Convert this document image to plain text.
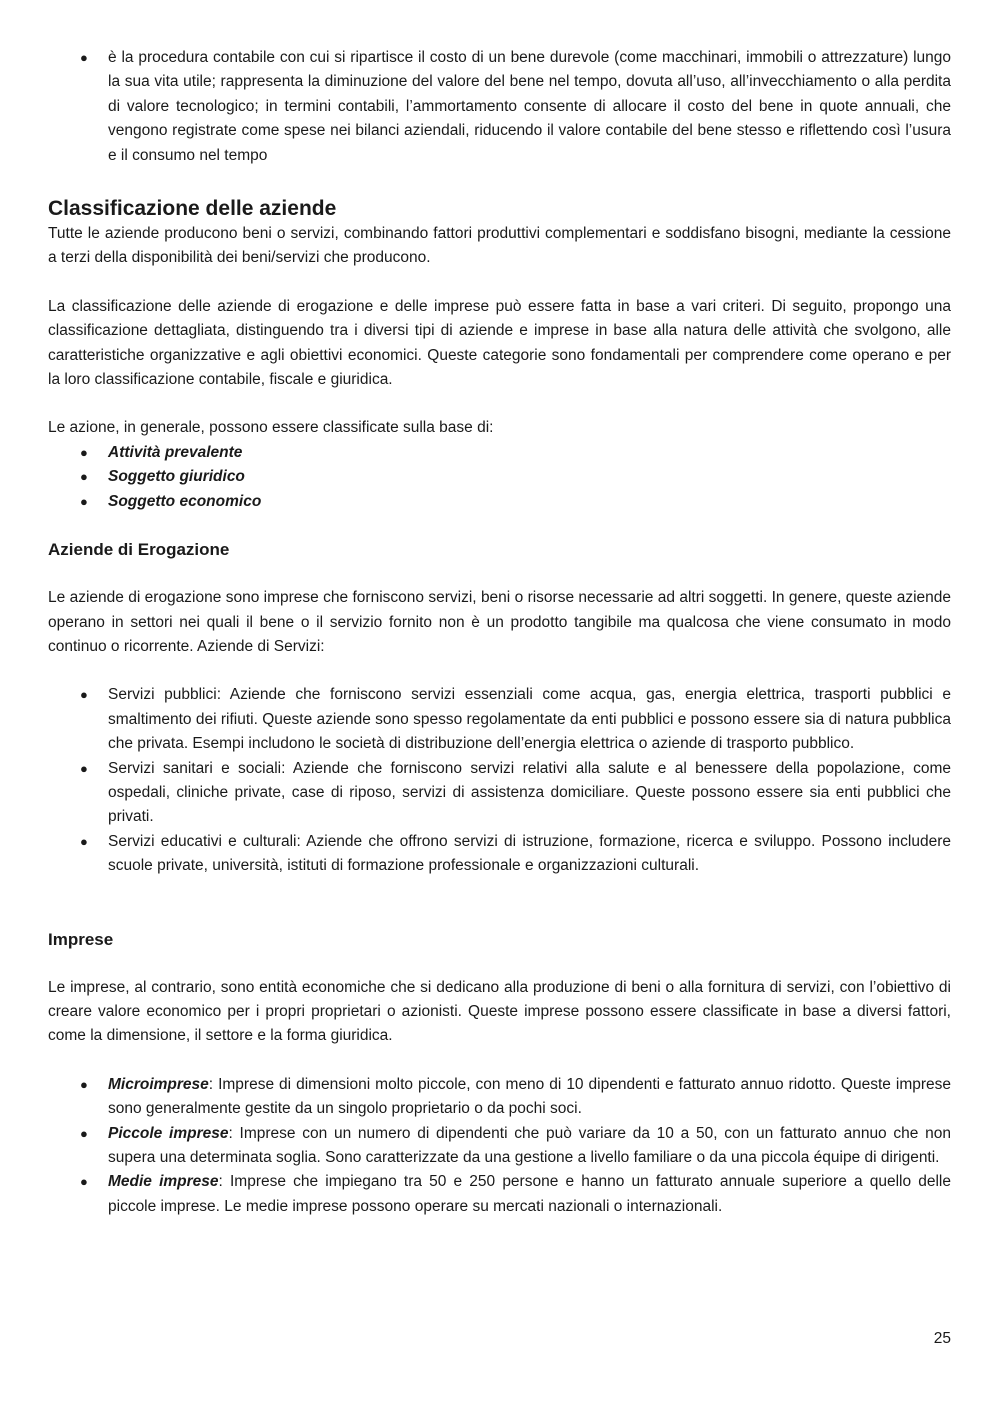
● è la procedura contabile con cui si ripartisce il costo di un bene durevole (come macchinari, immobili o attrezzature) lungo la sua vita utile; rappresenta la diminuzione del valore del bene nel tempo, dovuta all’uso, all’invecchiamento o alla perdita di valore tecnologico; in termini contabili, l’ammortamento consente di allocare il costo del bene in quote annuali, che vengono registrate come spese nei bilanci aziendali, riducendo il valore contabile del bene stesso e riflettendo così l’usura e il consumo nel tempo
Classificazione delle aziende

Tutte le aziende producono beni o servizi, combinando fattori produttivi complementari e soddisfano bisogni, mediante la cessione a terzi della disponibilità dei beni/servizi che producono.

La classificazione delle aziende di erogazione e delle imprese può essere fatta in base a vari criteri. Di seguito, propongo una classificazione dettagliata, distinguendo tra i diversi tipi di aziende e imprese in base alla natura delle attività che svolgono, alle caratteristiche organizzative e agli obiettivi economici. Queste categorie sono fondamentali per comprendere come operano e per la loro classificazione contabile, fiscale e giuridica.

Le azione, in generale, possono essere classificate sulla base di:

● Attività prevalente
● Soggetto giuridico
● Soggetto economico
Aziende di Erogazione

Le aziende di erogazione sono imprese che forniscono servizi, beni o risorse necessarie ad altri soggetti. In genere, queste aziende operano in settori nei quali il bene o il servizio fornito non è un prodotto tangibile ma qualcosa che viene consumato in modo continuo o ricorrente. Aziende di Servizi:

● Servizi pubblici: Aziende che forniscono servizi essenziali come acqua, gas, energia elettrica, trasporti pubblici e smaltimento dei rifiuti. Queste aziende sono spesso regolamentate da enti pubblici e possono essere sia di natura pubblica che privata. Esempi includono le società di distribuzione dell’energia elettrica o aziende di trasporto pubblico.
● Servizi sanitari e sociali: Aziende che forniscono servizi relativi alla salute e al benessere della popolazione, come ospedali, cliniche private, case di riposo, servizi di assistenza domiciliare. Queste possono essere sia enti pubblici che privati.
● Servizi educativi e culturali: Aziende che offrono servizi di istruzione, formazione, ricerca e sviluppo. Possono includere scuole private, università, istituti di formazione professionale e organizzazioni culturali.
Imprese

Le imprese, al contrario, sono entità economiche che si dedicano alla produzione di beni o alla fornitura di servizi, con l’obiettivo di creare valore economico per i propri proprietari o azionisti. Queste imprese possono essere classificate in base a diversi fattori, come la dimensione, il settore e la forma giuridica.

● Microimprese: Imprese di dimensioni molto piccole, con meno di 10 dipendenti e fatturato annuo ridotto. Queste imprese sono generalmente gestite da un singolo proprietario o da pochi soci.
● Piccole imprese: Imprese con un numero di dipendenti che può variare da 10 a 50, con un fatturato annuo che non supera una determinata soglia. Sono caratterizzate da una gestione a livello familiare o da una piccola équipe di dirigenti.
● Medie imprese: Imprese che impiegano tra 50 e 250 persone e hanno un fatturato annuale superiore a quello delle piccole imprese. Le medie imprese possono operare su mercati nazionali o internazionali.
25
